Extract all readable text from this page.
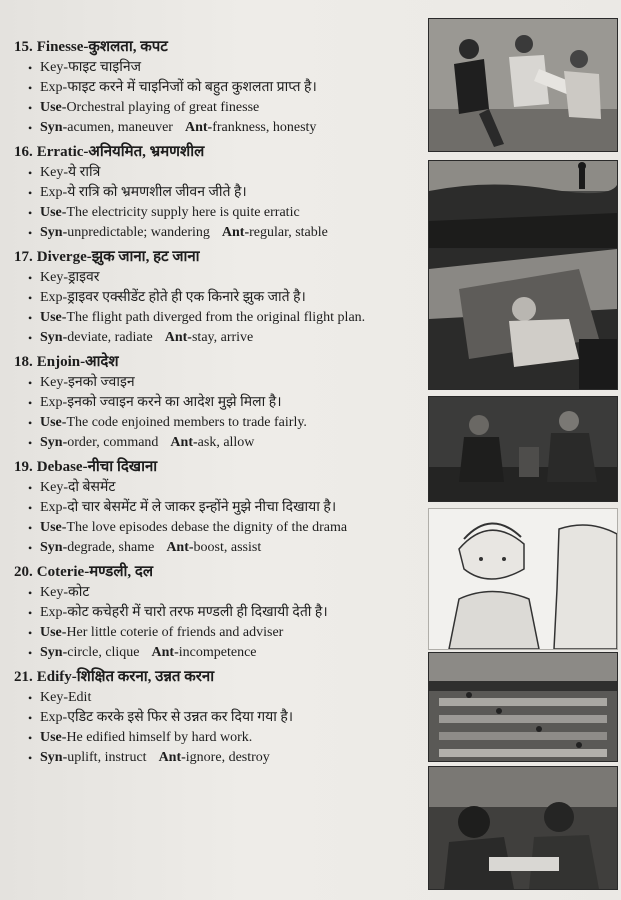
15. Finesse-कुशलता, कपट
• Key-फाइट चाइनिज
• Exp-फाइट करने में चाइनिजों को बहुत कुशलता प्राप्त है।
• Use-Orchestral playing of great finesse
• Syn-acumen, maneuver Ant-frankness, honesty
16. Erratic-अनियमित, भ्रमणशील
• Key-ये रात्रि
• Exp-ये रात्रि को भ्रमणशील जीवन जीते है।
• Use-The electricity supply here is quite erratic
• Syn-unpredictable; wandering Ant-regular, stable
17. Diverge-झुक जाना, हट जाना
• Key-ड्राइवर
• Exp-ड्राइवर एक्सीडेंट होते ही एक किनारे झुक जाते है।
• Use-The flight path diverged from the original flight plan.
• Syn-deviate, radiate Ant-stay, arrive
18. Enjoin-आदेश
• Key-इनको ज्वाइन
• Exp-इनको ज्वाइन करने का आदेश मुझे मिला है।
• Use-The code enjoined members to trade fairly.
• Syn-order, command Ant-ask, allow
19. Debase-नीचा दिखाना
• Key-दो बेसमेंट
• Exp-दो चार बेसमेंट में ले जाकर इन्होंने मुझे नीचा दिखाया है।
• Use-The love episodes debase the dignity of the drama
• Syn-degrade, shame Ant-boost, assist
20. Coterie-मण्डली, दल
• Key-कोट
• Exp-कोट कचेहरी में चारो तरफ मण्डली ही दिखायी देती है।
• Use-Her little coterie of friends and adviser
• Syn-circle, clique Ant-incompetence
21. Edify-शिक्षित करना, उन्नत करना
• Key-Edit
• Exp-एडिट करके इसे फिर से उन्नत कर दिया गया है।
• Use-He edified himself by hard work.
• Syn-uplift, instruct Ant-ignore, destroy
